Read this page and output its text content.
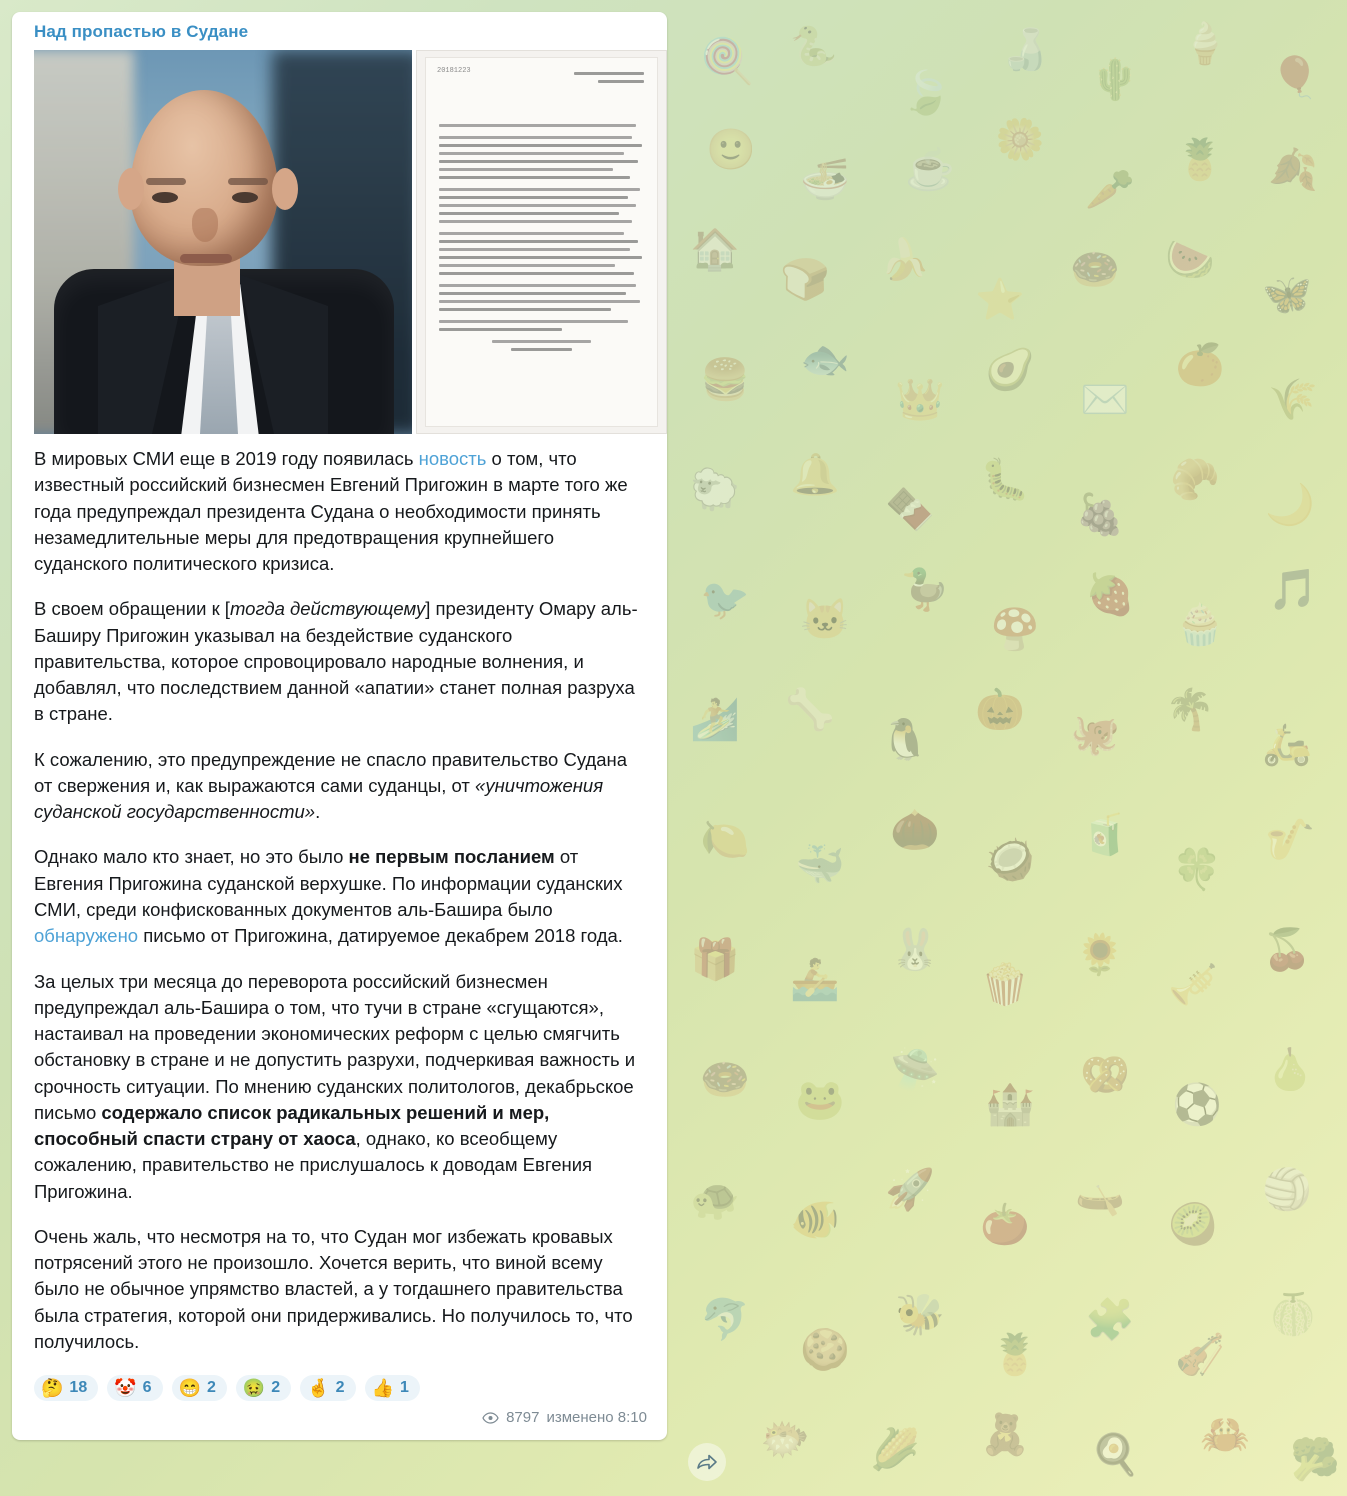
🍭 🐍
🍃
🍶
🌵
🍦
🎈
🙂
🍜 ☕
🌼
🥕
🍍 🍂
🏠
🍞 🍌
⭐
🍩 🍉
🦋
🍔 🐟
👑
🥑
✉️
🍊
🌾
🐑 🔔
🍫
🐛
🍇
🥐
🌙
🐦 🐱
🦆
🍄
🍓
🧁
🎵
🏄 🦴
🐧
🎃
🐙
🌴
🛵
🍋
🐳
🌰
🥥
🧃
🍀
🎷
🎁 🚣
🐰
🍿
🌻
🎺
🍒
🍩 🐸
🛸
🏰
🥨
⚽
🍐
🐢 🐠
🚀
🍅
🛶
🥝
🏐
🐬
🍪
🐝
🍍
🧩
🎻
🍈
🐡 🌽 🧸 🍳 🦀
🥦
Над пропастью в Судане
20181223

В мировых СМИ еще в 2019 году появилась новость о том, что известный российский бизнесмен Евгений Пригожин в марте того же года предупреждал президента Судана о необходимости принять незамедлительные меры для предотвращения крупнейшего суданского политического кризиса.

В своем обращении к [тогда действующему] президенту Омару аль-Баширу Пригожин указывал на бездействие суданского правительства, которое спровоцировало народные волнения, и добавлял, что последствием данной «апатии» станет полная разруха в стране.

К сожалению, это предупреждение не спасло правительство Судана от свержения и, как выражаются сами суданцы, от «уничтожения суданской государственности».

Однако мало кто знает, но это было не первым посланием от Евгения Пригожина суданской верхушке. По информации суданских СМИ, среди конфискованных документов аль-Башира было обнаружено письмо от Пригожина, датируемое декабрем 2018 года.

За целых три месяца до переворота российский бизнесмен предупреждал аль-Башира о том, что тучи в стране «сгущаются», настаивал на проведении экономических реформ с целью смягчить обстановку в стране и не допустить разрухи, подчеркивая важность и срочность ситуации. По мнению суданских политологов, декабрьское письмо содержало список радикальных решений и мер, способный спасти страну от хаоса, однако, ко всеобщему сожалению, правительство не прислушалось к доводам Евгения Пригожина.

Очень жаль, что несмотря на то, что Судан мог избежать кровавых потрясений этого не произошло. Хочется верить, что виной всему было не обычное упрямство властей, а у тогдашнего правительства была стратегия, которой они придерживались. Но получилось то, что получилось.

🤔 18 🤡 6 😁 2 🤢 2 🤞 2 👍 1
8797 изменено 8:10
